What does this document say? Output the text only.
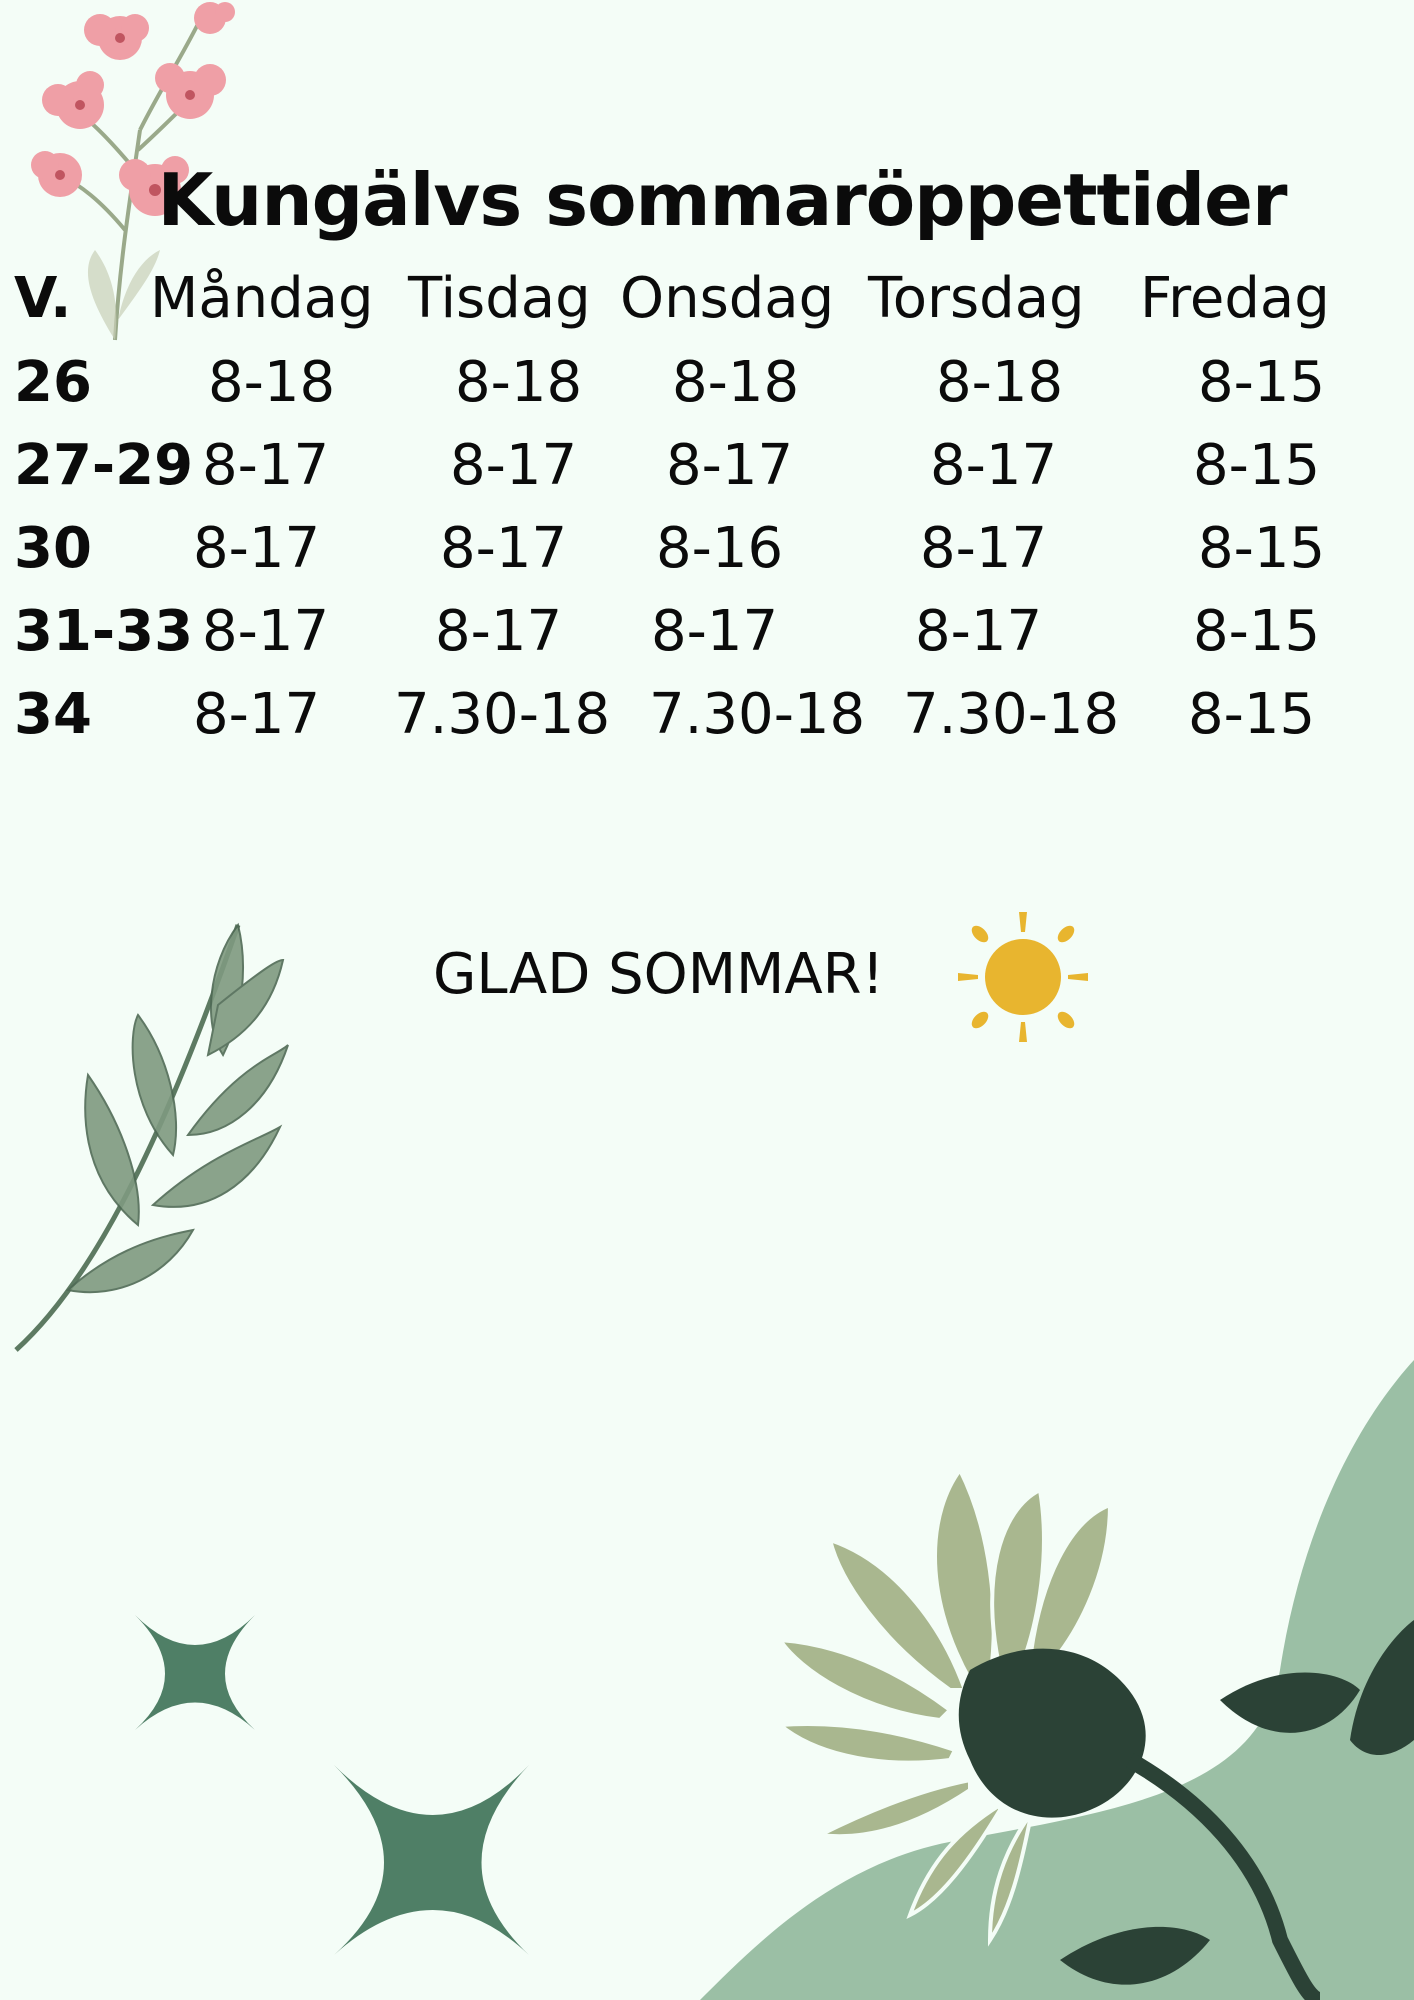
Kungälvs sommaröppettider
V. Måndag Tisdag Onsdag Torsdag Fredag
26 8-18 8-18 8-18 8-18 8-15
27-29 8-17 8-17 8-17 8-17 8-15
30 8-17 8-17 8-16 8-17	8-15
31-33 8-17 8-17 8-17 8-17	8-15
34 8-17 7.30-18 7.30-18 7.30-18 8-15
GLAD SOMMAR!
